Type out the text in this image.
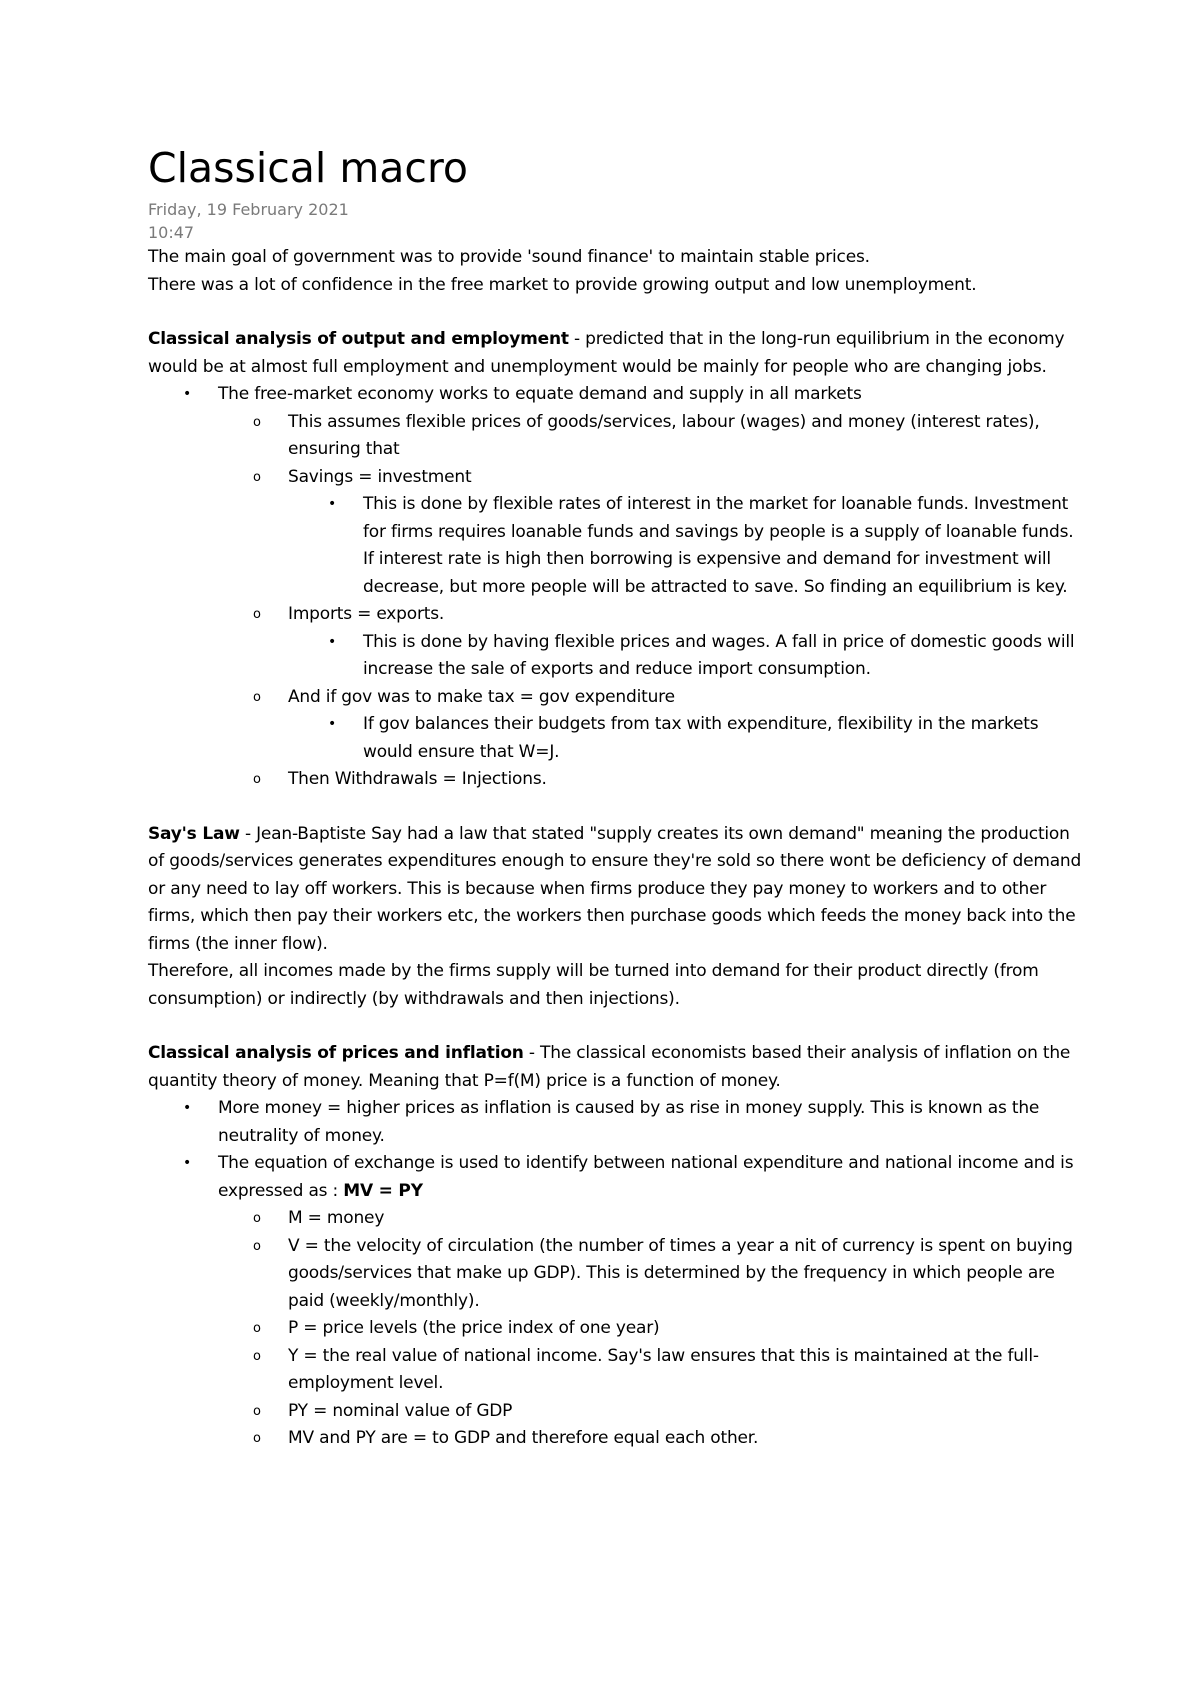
Classical macro
Friday, 19 February 2021
10:47

The main goal of government was to provide 'sound finance' to maintain stable prices.

There was a lot of confidence in the free market to provide growing output and low unemployment.

Classical analysis of output and employment - predicted that in the long-run equilibrium in the economy would be at almost full employment and unemployment would be mainly for people who are changing jobs.

• The free-market economy works to equate demand and supply in all markets
o This assumes flexible prices of goods/services, labour (wages) and money (interest rates), ensuring that
o Savings = investment
• This is done by flexible rates of interest in the market for loanable funds. Investment for firms requires loanable funds and savings by people is a supply of loanable funds. If interest rate is high then borrowing is expensive and demand for investment will decrease, but more people will be attracted to save. So finding an equilibrium is key.
o Imports = exports.
• This is done by having flexible prices and wages. A fall in price of domestic goods will increase the sale of exports and reduce import consumption.
o And if gov was to make tax = gov expenditure
• If gov balances their budgets from tax with expenditure, flexibility in the markets would ensure that W=J.
o Then Withdrawals = Injections.

Say's Law - Jean-Baptiste Say had a law that stated "supply creates its own demand" meaning the production of goods/services generates expenditures enough to ensure they're sold so there wont be deficiency of demand or any need to lay off workers. This is because when firms produce they pay money to workers and to other firms, which then pay their workers etc, the workers then purchase goods which feeds the money back into the firms (the inner flow).

Therefore, all incomes made by the firms supply will be turned into demand for their product directly (from consumption) or indirectly (by withdrawals and then injections).

Classical analysis of prices and inflation - The classical economists based their analysis of inflation on the quantity theory of money. Meaning that P=f(M) price is a function of money.

• More money = higher prices as inflation is caused by as rise in money supply. This is known as the neutrality of money.
• The equation of exchange is used to identify between national expenditure and national income and is expressed as : MV = PY
o M = money
o V = the velocity of circulation (the number of times a year a nit of currency is spent on buying goods/services that make up GDP). This is determined by the frequency in which people are paid (weekly/monthly).
o P = price levels (the price index of one year)
o Y = the real value of national income. Say's law ensures that this is maintained at the full-employment level.
o PY = nominal value of GDP
o MV and PY are = to GDP and therefore equal each other.
